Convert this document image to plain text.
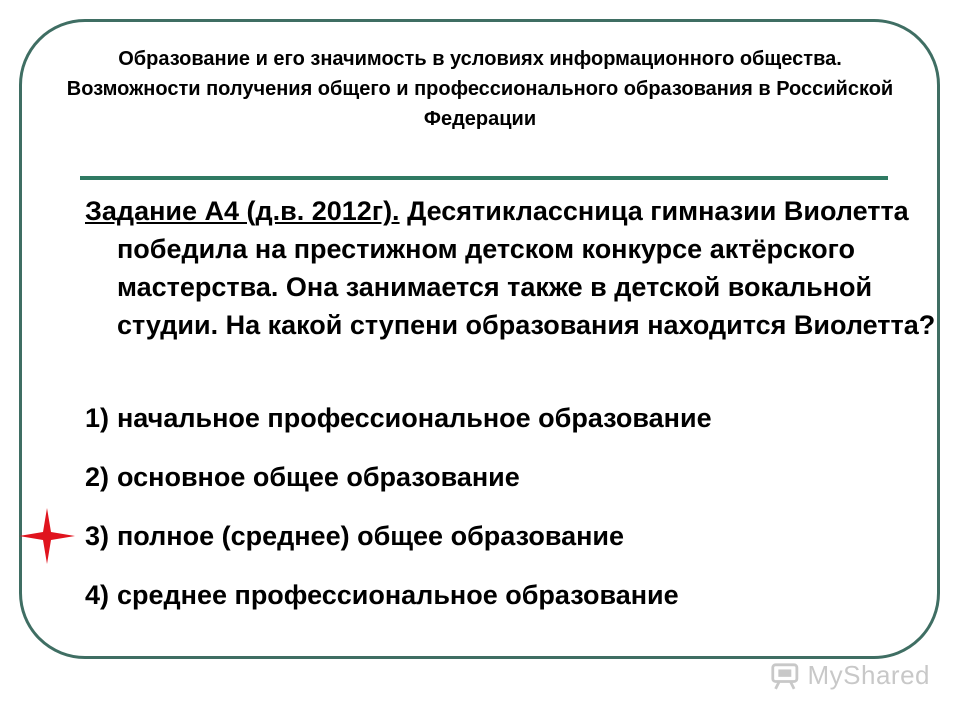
Образование и его значимость в условиях информационного общества. Возможности получения общего и профессионального образования в Российской Федерации

Задание А4 (д.в. 2012г). Десятиклассница гимназии Виолетта победила на престижном детском конкурсе актёрского мастерства. Она занимается также в детской вокальной студии. На какой ступени образования находится Виолетта?

1) начальное профессиональное образование
2) основное общее образование
3) полное (среднее) общее образование
4) среднее профессиональное образование
MyShared
